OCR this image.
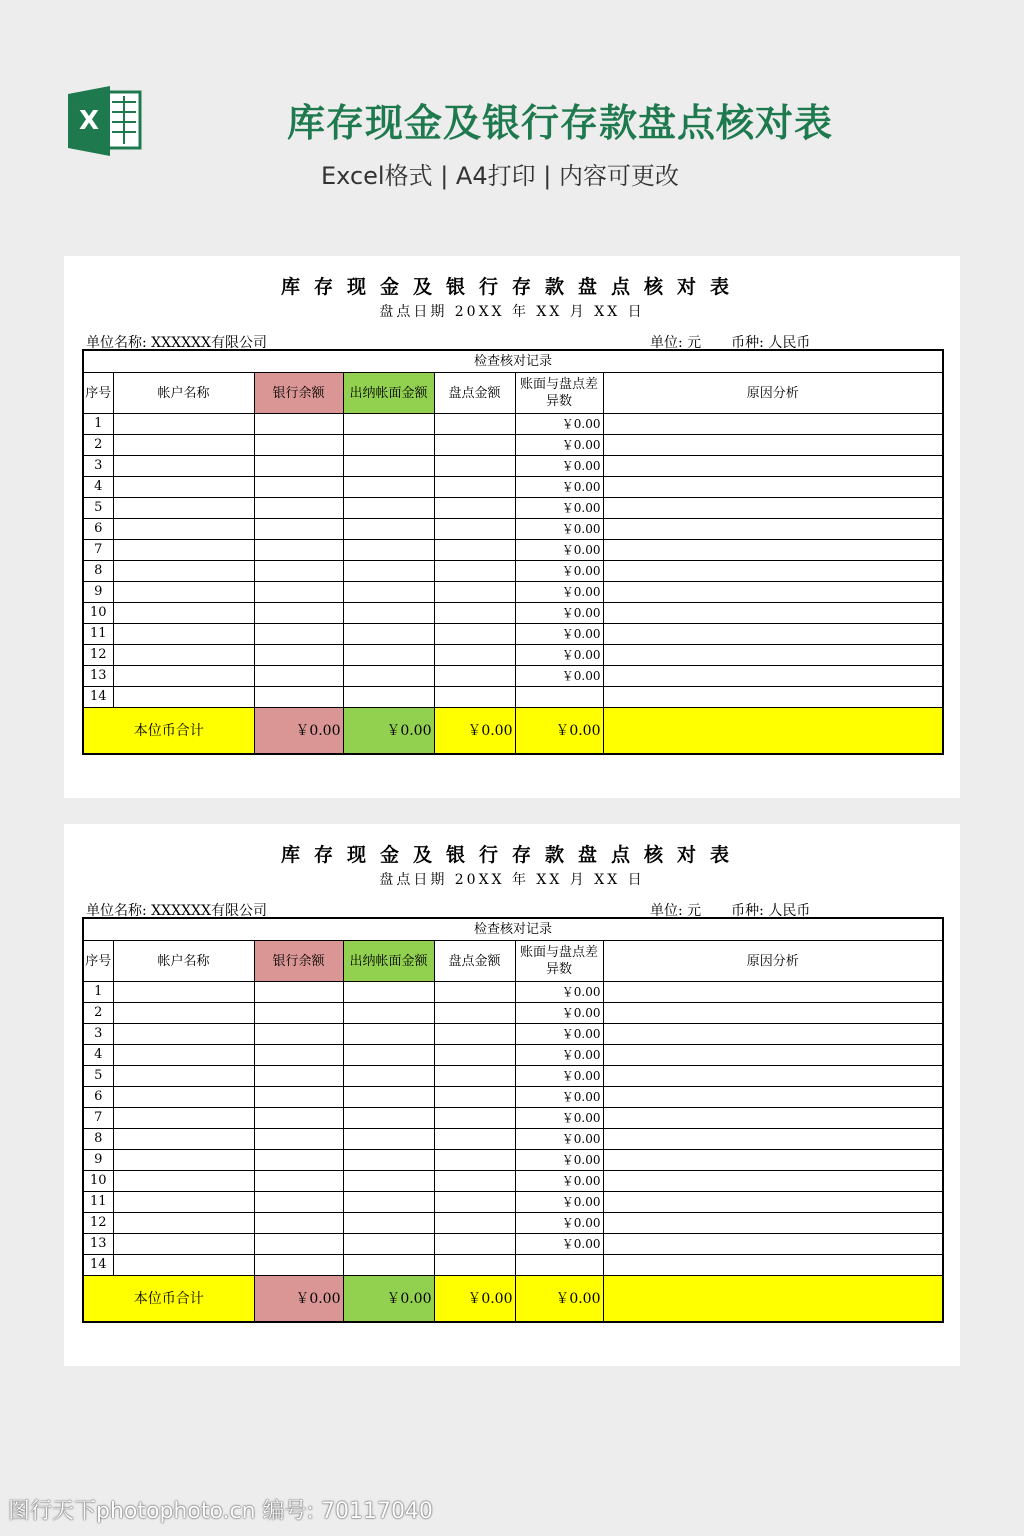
X	库存现金及银行存款盘点核对表
Excel格式 | A4打印 | 内容可更改
库存现金及银行存款盘点核对表
盘点日期 20XX 年 XX 月 XX 日
单位名称: XXXXXX有限公司	单位: 元 币种: 人民币
检查核对记录						
序号	帐户名称	银行余额	出纳帐面金额	盘点金额	账面与盘点差异数	原因分析
1					￥0.00	
2					￥0.00	
3					￥0.00	
4					￥0.00	
5					￥0.00	
6					￥0.00	
7					￥0.00	
8					￥0.00	
9					￥0.00	
10					￥0.00	
11					￥0.00	
12					￥0.00	
13					￥0.00	
14						
本位币合计		￥0.00	￥0.00	￥0.00	￥0.00	
库存现金及银行存款盘点核对表
盘点日期 20XX 年 XX 月 XX 日
单位名称: XXXXXX有限公司	单位: 元 币种: 人民币
检查核对记录						
序号	帐户名称	银行余额	出纳帐面金额	盘点金额	账面与盘点差异数	原因分析
1					￥0.00	
2					￥0.00	
3					￥0.00	
4					￥0.00	
5					￥0.00	
6					￥0.00	
7					￥0.00	
8					￥0.00	
9					￥0.00	
10					￥0.00	
11					￥0.00	
12					￥0.00	
13					￥0.00	
14						
本位币合计		￥0.00	￥0.00	￥0.00	￥0.00	
图行天下photophoto.cn 编号: 70117040
